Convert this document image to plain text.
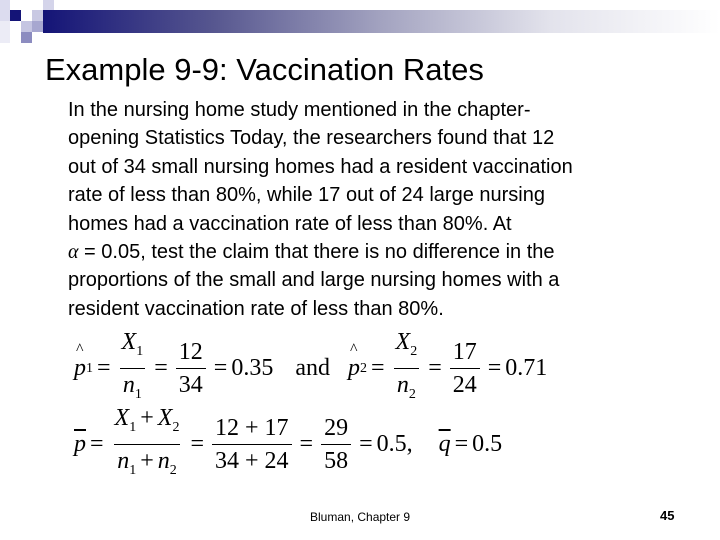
Example 9-9: Vaccination Rates
In the nursing home study mentioned in the chapter-
opening Statistics Today, the researchers found that 12
out of 34 small nursing homes had a resident vaccination
rate of less than 80%, while 17 out of 24 large nursing
homes had a vaccination rate of less than 80%. At
α = 0.05, test the claim that there is no difference in the
proportions of the small and large nursing homes with a
resident vaccination rate of less than 80%.
^ p $1 = \frac{X_1}{n_1} = \frac{12}{34} = 0.35$ and ^ p $2 = \frac{X_2}{n_2} = \frac{17}{24} = 0.71$
$\overline{p} = \frac{X_1 + X_2}{n_1 + n_2} = \frac{12 + 17}{34 + 24} = \frac{29}{58} = 0.5$, $\overline{q} = 0.5$
Bluman, Chapter 9	45
